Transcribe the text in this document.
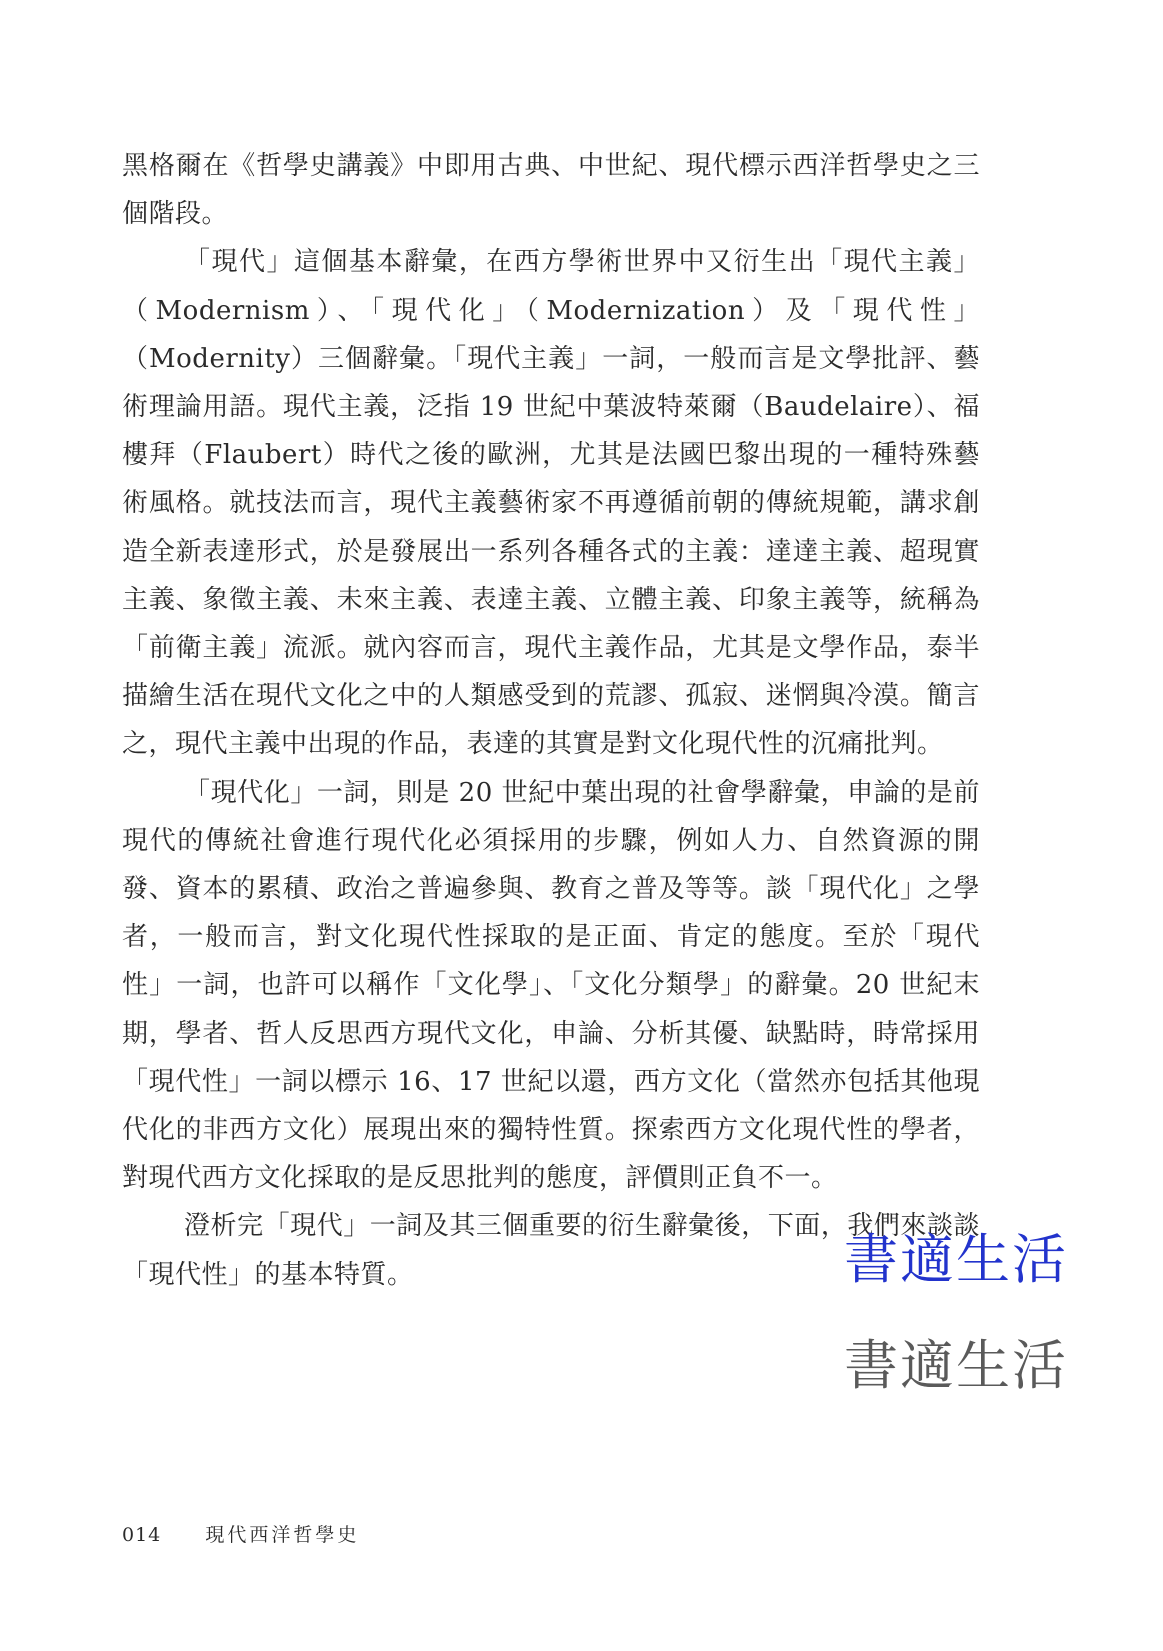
黑格爾在《哲學史講義》中即用古典、中世紀、現代標示西洋哲學史之三個階段。

「現代」這個基本辭彙，在西方學術世界中又衍生出「現代主義」（Modernism）、「現代化」（Modernization）及「現代性」（Modernity）三個辭彙。「現代主義」一詞，一般而言是文學批評、藝術理論用語。現代主義，泛指 19 世紀中葉波特萊爾（Baudelaire）、福樓拜（Flaubert）時代之後的歐洲，尤其是法國巴黎出現的一種特殊藝術風格。就技法而言，現代主義藝術家不再遵循前朝的傳統規範，講求創造全新表達形式，於是發展出一系列各種各式的主義：達達主義、超現實主義、象徵主義、未來主義、表達主義、立體主義、印象主義等，統稱為「前衛主義」流派。就內容而言，現代主義作品，尤其是文學作品，泰半描繪生活在現代文化之中的人類感受到的荒謬、孤寂、迷惘與冷漠。簡言之，現代主義中出現的作品，表達的其實是對文化現代性的沉痛批判。

「現代化」一詞，則是 20 世紀中葉出現的社會學辭彙，申論的是前現代的傳統社會進行現代化必須採用的步驟，例如人力、自然資源的開發、資本的累積、政治之普遍參與、教育之普及等等。談「現代化」之學者，一般而言，對文化現代性採取的是正面、肯定的態度。至於「現代性」一詞，也許可以稱作「文化學」、「文化分類學」的辭彙。20 世紀末期，學者、哲人反思西方現代文化，申論、分析其優、缺點時，時常採用「現代性」一詞以標示 16、17 世紀以還，西方文化（當然亦包括其他現代化的非西方文化）展現出來的獨特性質。探索西方文化現代性的學者，對現代西方文化採取的是反思批判的態度，評價則正負不一。

澄析完「現代」一詞及其三個重要的衍生辭彙後，下面，我們來談談「現代性」的基本特質。	書適生活
書適生活
014 現代西洋哲學史
